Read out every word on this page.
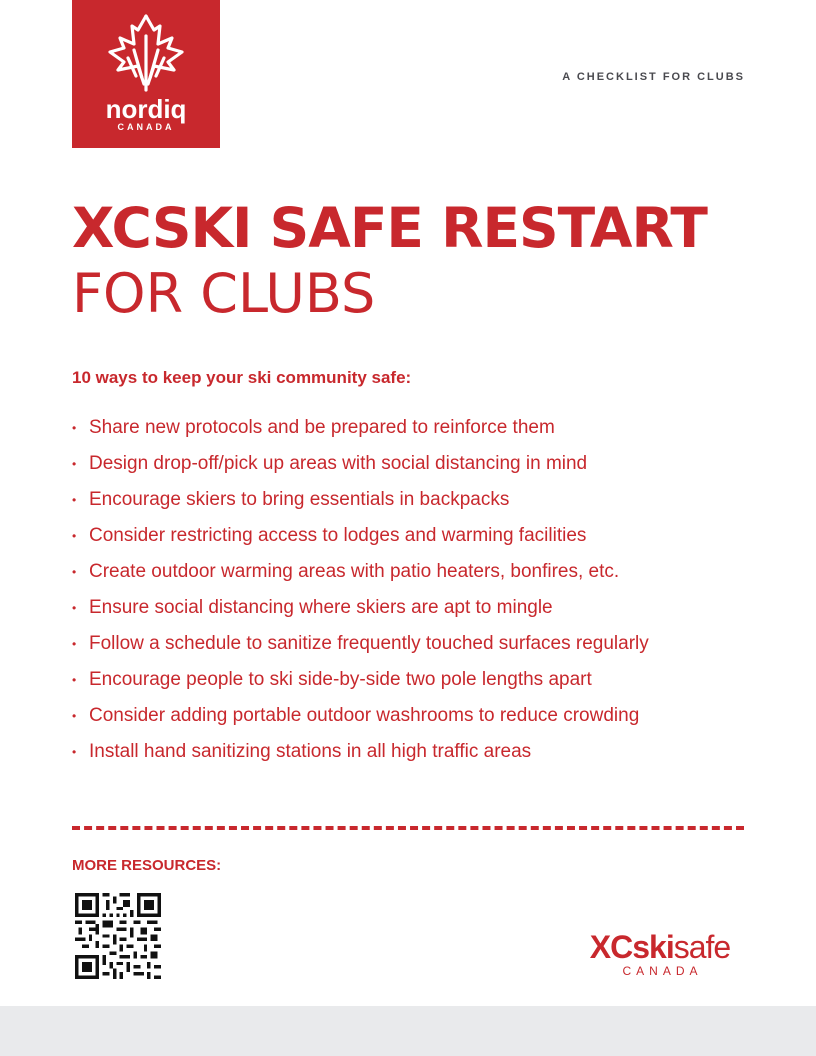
nordiq
CANADA
A CHECKLIST FOR CLUBS
XCSKI SAFE RESTART
FOR CLUBS
10 ways to keep your ski community safe:
• Share new protocols and be prepared to reinforce them
• Design drop-off/pick up areas with social distancing in mind
• Encourage skiers to bring essentials in backpacks
• Consider restricting access to lodges and warming facilities
• Create outdoor warming areas with patio heaters, bonfires, etc.
• Ensure social distancing where skiers are apt to mingle
• Follow a schedule to sanitize frequently touched surfaces regularly
• Encourage people to ski side-by-side two pole lengths apart
• Consider adding portable outdoor washrooms to reduce crowding
• Install hand sanitizing stations in all high traffic areas
MORE RESOURCES:
XCskisafe
CANADA
